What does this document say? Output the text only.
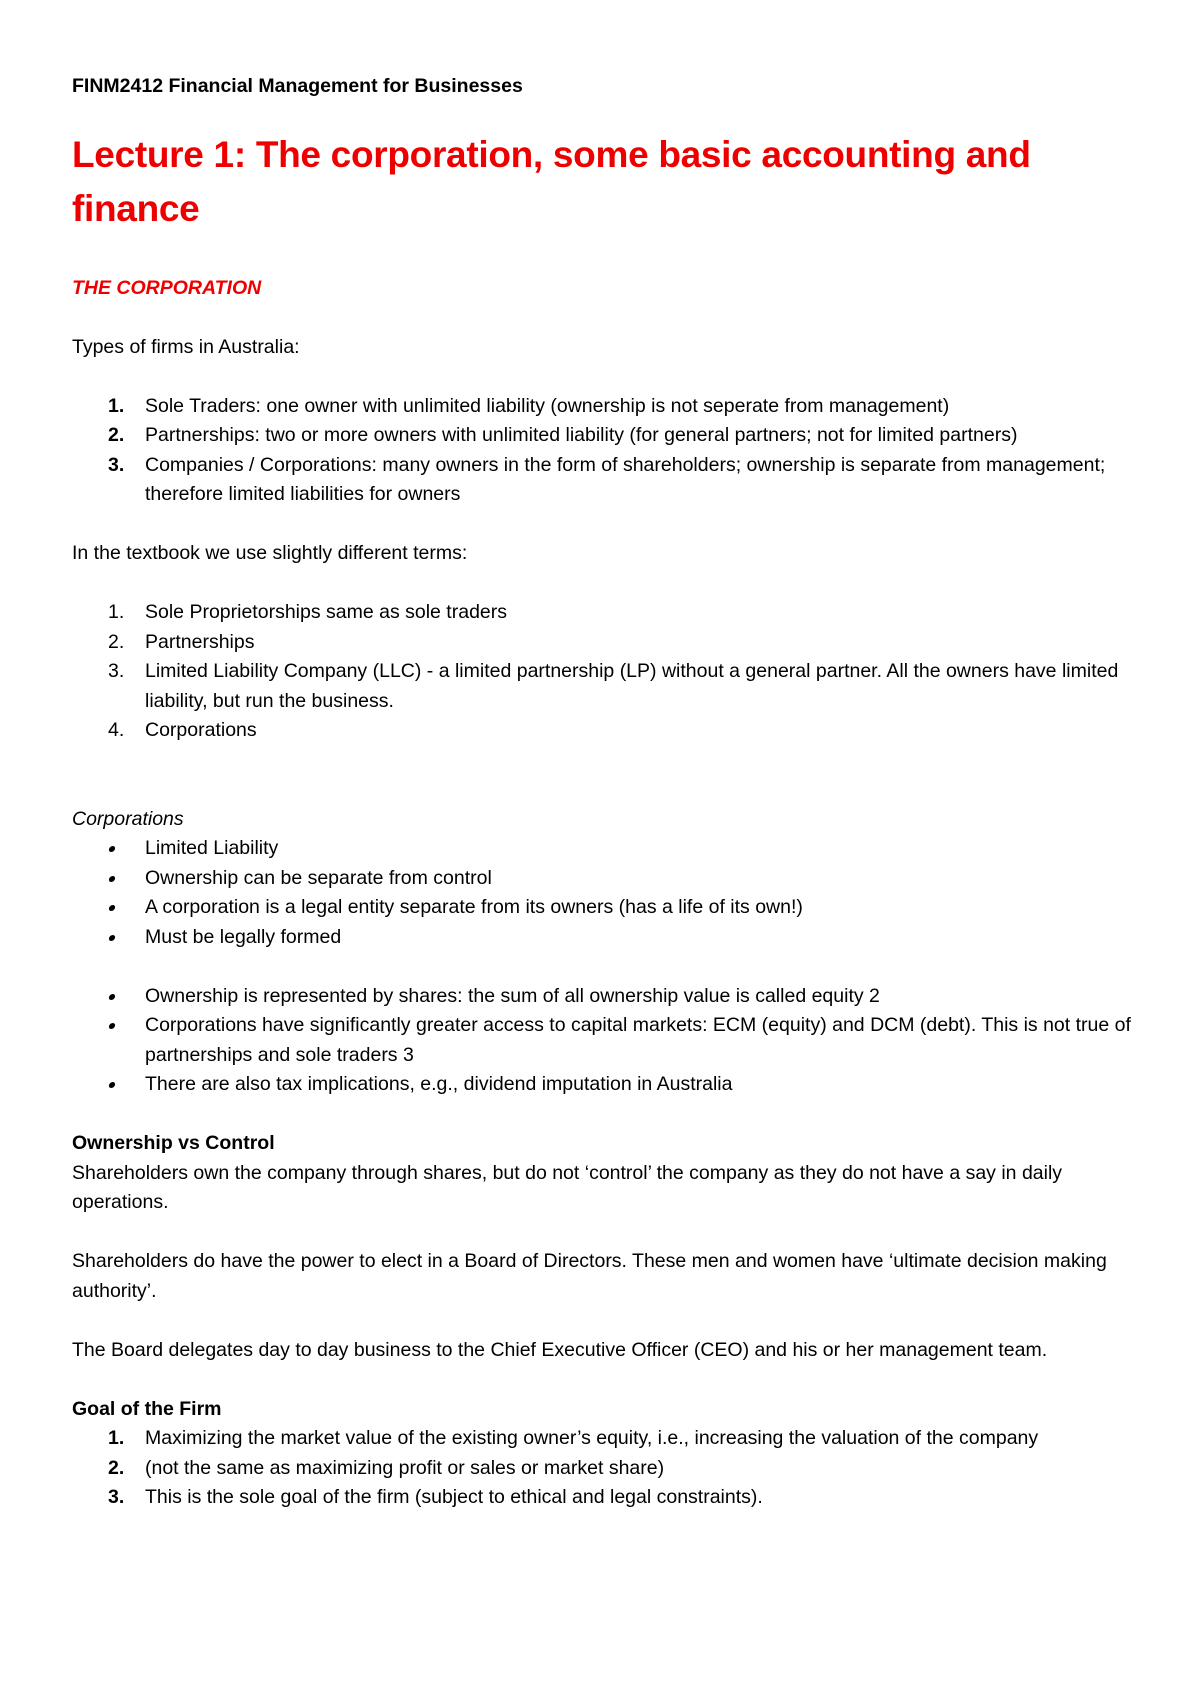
FINM2412 Financial Management for Businesses

Lecture 1: The corporation, some basic accounting and finance

THE CORPORATION

Types of firms in Australia:

1. Sole Traders: one owner with unlimited liability (ownership is not seperate from management)
2. Partnerships: two or more owners with unlimited liability (for general partners; not for limited partners)
3. Companies / Corporations: many owners in the form of shareholders; ownership is separate from management; therefore limited liabilities for owners

In the textbook we use slightly different terms:

1. Sole Proprietorships same as sole traders
2. Partnerships
3. Limited Liability Company (LLC) - a limited partnership (LP) without a general partner. All the owners have limited liability, but run the business.
4. Corporations

Corporations

Limited Liability
Ownership can be separate from control
A corporation is a legal entity separate from its owners (has a life of its own!)
Must be legally formed
Ownership is represented by shares: the sum of all ownership value is called equity 2
Corporations have significantly greater access to capital markets: ECM (equity) and DCM (debt). This is not true of partnerships and sole traders 3
There are also tax implications, e.g., dividend imputation in Australia

Ownership vs Control

Shareholders own the company through shares, but do not ‘control’ the company as they do not have a say in daily operations.

Shareholders do have the power to elect in a Board of Directors. These men and women have ‘ultimate decision making authority’.

The Board delegates day to day business to the Chief Executive Officer (CEO) and his or her management team.

Goal of the Firm

1. Maximizing the market value of the existing owner’s equity, i.e., increasing the valuation of the company
2. (not the same as maximizing profit or sales or market share)
3. This is the sole goal of the firm (subject to ethical and legal constraints).
